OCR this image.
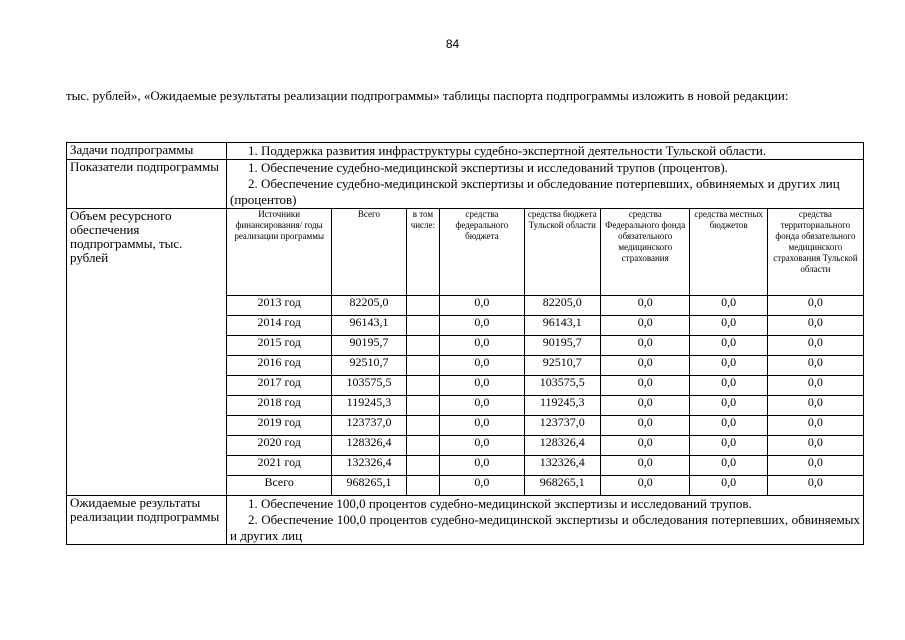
84
тыс. рублей», «Ожидаемые результаты реализации подпрограммы» таблицы паспорта подпрограммы изложить в новой редакции:
Задачи подпрограммы	1. Поддержка развития инфраструктуры судебно-экспертной деятельности Тульской области.

Показатели подпрограммы	1. Обеспечение судебно-медицинской экспертизы и исследований трупов (процентов).
2. Обеспечение судебно-медицинской экспертизы и обследование потерпевших, обвиняемых и других лиц (процентов)

Объем ресурсного обеспечения подпрограммы, тыс. рублей	
Источники финансирования/ годы реализации программы	Всего	в том числе:	средства федерального бюджета	средства бюджета Тульской области	средства Федерального фонда обязательного медицинского страхования	средства местных бюджетов	средства территориального фонда обязательного медицинского страхования Тульской области
2013 год	82205,0		0,0	82205,0	0,0	0,0	0,0
2014 год	96143,1		0,0	96143,1	0,0	0,0	0,0
2015 год	90195,7		0,0	90195,7	0,0	0,0	0,0
2016 год	92510,7		0,0	92510,7	0,0	0,0	0,0
2017 год	103575,5		0,0	103575,5	0,0	0,0	0,0
2018 год	119245,3		0,0	119245,3	0,0	0,0	0,0
2019 год	123737,0		0,0	123737,0	0,0	0,0	0,0
2020 год	128326,4		0,0	128326,4	0,0	0,0	0,0
2021 год	132326,4		0,0	132326,4	0,0	0,0	0,0
Всего	968265,1		0,0	968265,1	0,0	0,0	0,0

Ожидаемые результаты реализации подпрограммы	
1. Обеспечение 100,0 процентов судебно-медицинской экспертизы и исследований трупов.
2. Обеспечение 100,0 процентов судебно-медицинской экспертизы и обследования потерпевших, обвиняемых и других лиц
